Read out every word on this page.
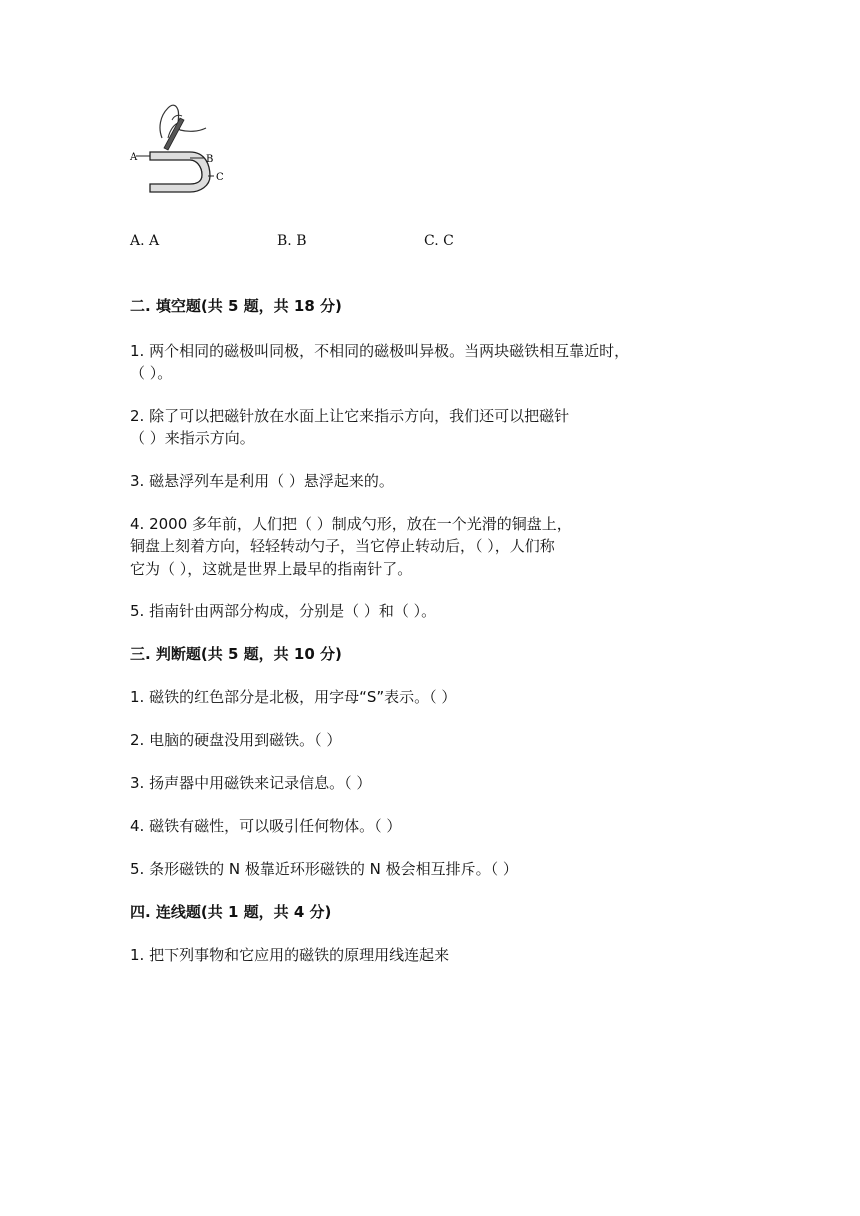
A	B
C
A. A	B. B	C. C
二. 填空题(共 5 题，共 18 分)
1. 两个相同的磁极叫同极，不相同的磁极叫异极。当两块磁铁相互靠近时，
（ ）。
2. 除了可以把磁针放在水面上让它来指示方向，我们还可以把磁针
（ ）来指示方向。
3. 磁悬浮列车是利用（ ）悬浮起来的。
4. 2000 多年前，人们把（ ）制成勺形，放在一个光滑的铜盘上，
铜盘上刻着方向，轻轻转动勺子，当它停止转动后，（ ），人们称
它为（ ），这就是世界上最早的指南针了。
5. 指南针由两部分构成，分别是（ ）和（ ）。
三. 判断题(共 5 题，共 10 分)
1. 磁铁的红色部分是北极，用字母“S”表示。（ ）
2. 电脑的硬盘没用到磁铁。（ ）
3. 扬声器中用磁铁来记录信息。（ ）
4. 磁铁有磁性，可以吸引任何物体。（ ）
5. 条形磁铁的 N 极靠近环形磁铁的 N 极会相互排斥。（ ）
四. 连线题(共 1 题，共 4 分)
1. 把下列事物和它应用的磁铁的原理用线连起来
